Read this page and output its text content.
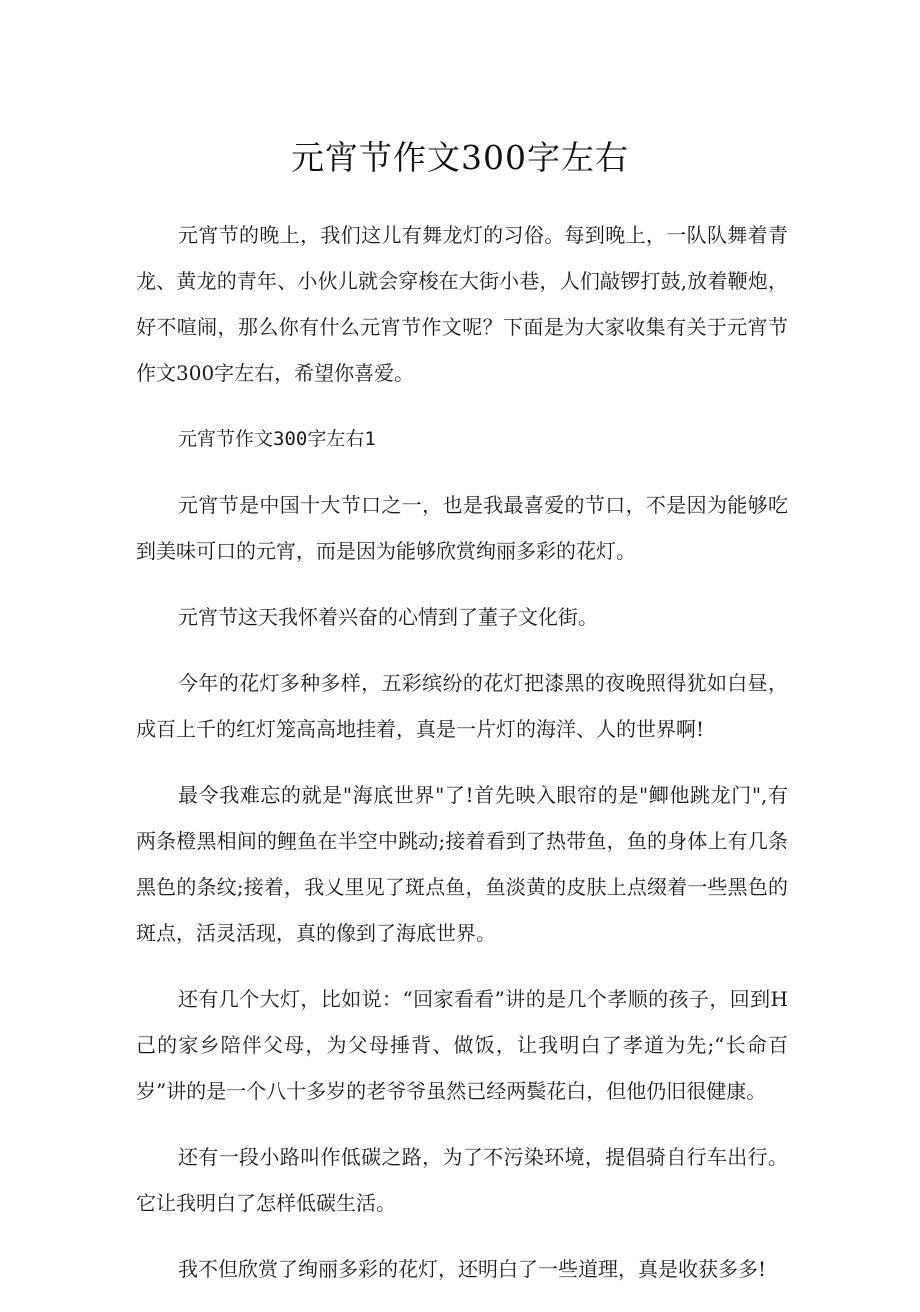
元宵节作文300字左右

元宵节的晚上，我们这儿有舞龙灯的习俗。每到晚上，一队队舞着青龙、黄龙的青年、小伙儿就会穿梭在大街小巷，人们敲锣打鼓,放着鞭炮，好不喧闹，那么你有什么元宵节作文呢？下面是为大家收集有关于元宵节作文300字左右，希望你喜爱。

元宵节作文300字左右1

元宵节是中国十大节口之一，也是我最喜爱的节口，不是因为能够吃到美味可口的元宵，而是因为能够欣赏绚丽多彩的花灯。

元宵节这天我怀着兴奋的心情到了董子文化街。

今年的花灯多种多样，五彩缤纷的花灯把漆黑的夜晚照得犹如白昼，成百上千的红灯笼高高地挂着，真是一片灯的海洋、人的世界啊!

最令我难忘的就是"海底世界"了!首先映入眼帘的是"鲫他跳龙门",有两条橙黑相间的鲤鱼在半空中跳动;接着看到了热带鱼，鱼的身体上有几条黑色的条纹;接着，我乂里见了斑点鱼，鱼淡黄的皮肤上点缀着一些黑色的斑点，活灵活现，真的像到了海底世界。

还有几个大灯，比如说：“回家看看”讲的是几个孝顺的孩子，回到H己的家乡陪伴父母，为父母捶背、做饭，让我明白了孝道为先;“长命百岁”讲的是一个八十多岁的老爷爷虽然已经两鬓花白，但他仍旧很健康。

还有一段小路叫作低碳之路，为了不污染环境，提倡骑自行车出行。它让我明白了怎样低碳生活。

我不但欣赏了绚丽多彩的花灯，还明白了一些道理，真是收获多多!
